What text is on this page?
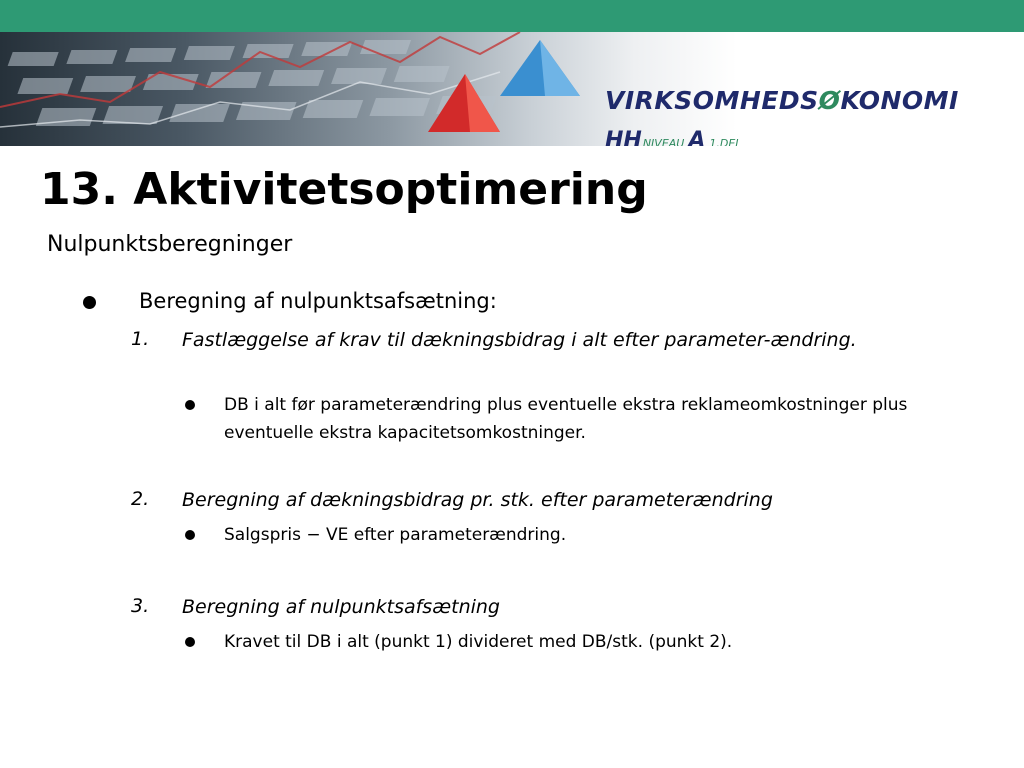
VIRKSOMHEDSØKONOMI
HHNIVEAU A 1.DEL
13. Aktivitetsoptimering
Nulpunktsberegninger
Beregning af nulpunktsafsætning:
1.	Fastlæggelse af krav til dækningsbidrag i alt efter parameter-ændring.
DB i alt før parameterændring plus eventuelle ekstra reklameomkostninger plus eventuelle ekstra kapacitetsomkostninger.
2.	Beregning af dækningsbidrag pr. stk. efter parameterændring
Salgspris − VE efter parameterændring.
3.	Beregning af nulpunktsafsætning
Kravet til DB i alt (punkt 1) divideret med DB/stk. (punkt 2).
